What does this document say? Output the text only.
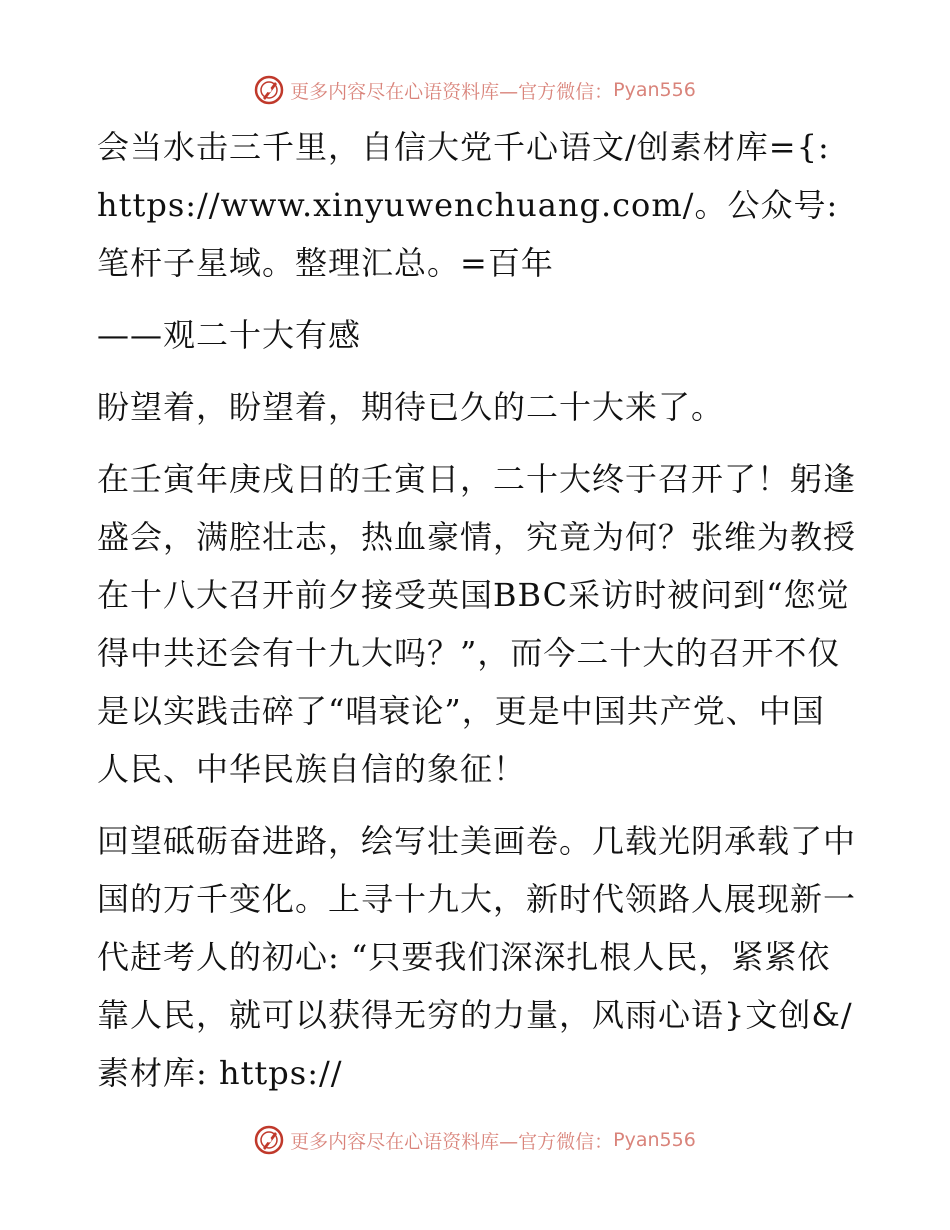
更多内容尽在心语资料库—官方微信： Pyan556

会当水击三千里，自信大党千心语文/创素材库={: https://www.xinyuwenchuang.com/。公众号: 笔杆子星域。整理汇总。=百年

——观二十大有感

盼望着，盼望着，期待已久的二十大来了。

在壬寅年庚戌日的壬寅日，二十大终于召开了！躬逢盛会，满腔壮志，热血豪情，究竟为何？张维为教授在十八大召开前夕接受英国BBC采访时被问到“您觉得中共还会有十九大吗？”，而今二十大的召开不仅是以实践击碎了“唱衰论”，更是中国共产党、中国人民、中华民族自信的象征！

回望砥砺奋进路，绘写壮美画卷。几载光阴承载了中国的万千变化。上寻十九大，新时代领路人展现新一代赶考人的初心: “只要我们深深扎根人民，紧紧依靠人民，就可以获得无穷的力量，风雨心语}文创&/素材库: https://

更多内容尽在心语资料库—官方微信： Pyan556
